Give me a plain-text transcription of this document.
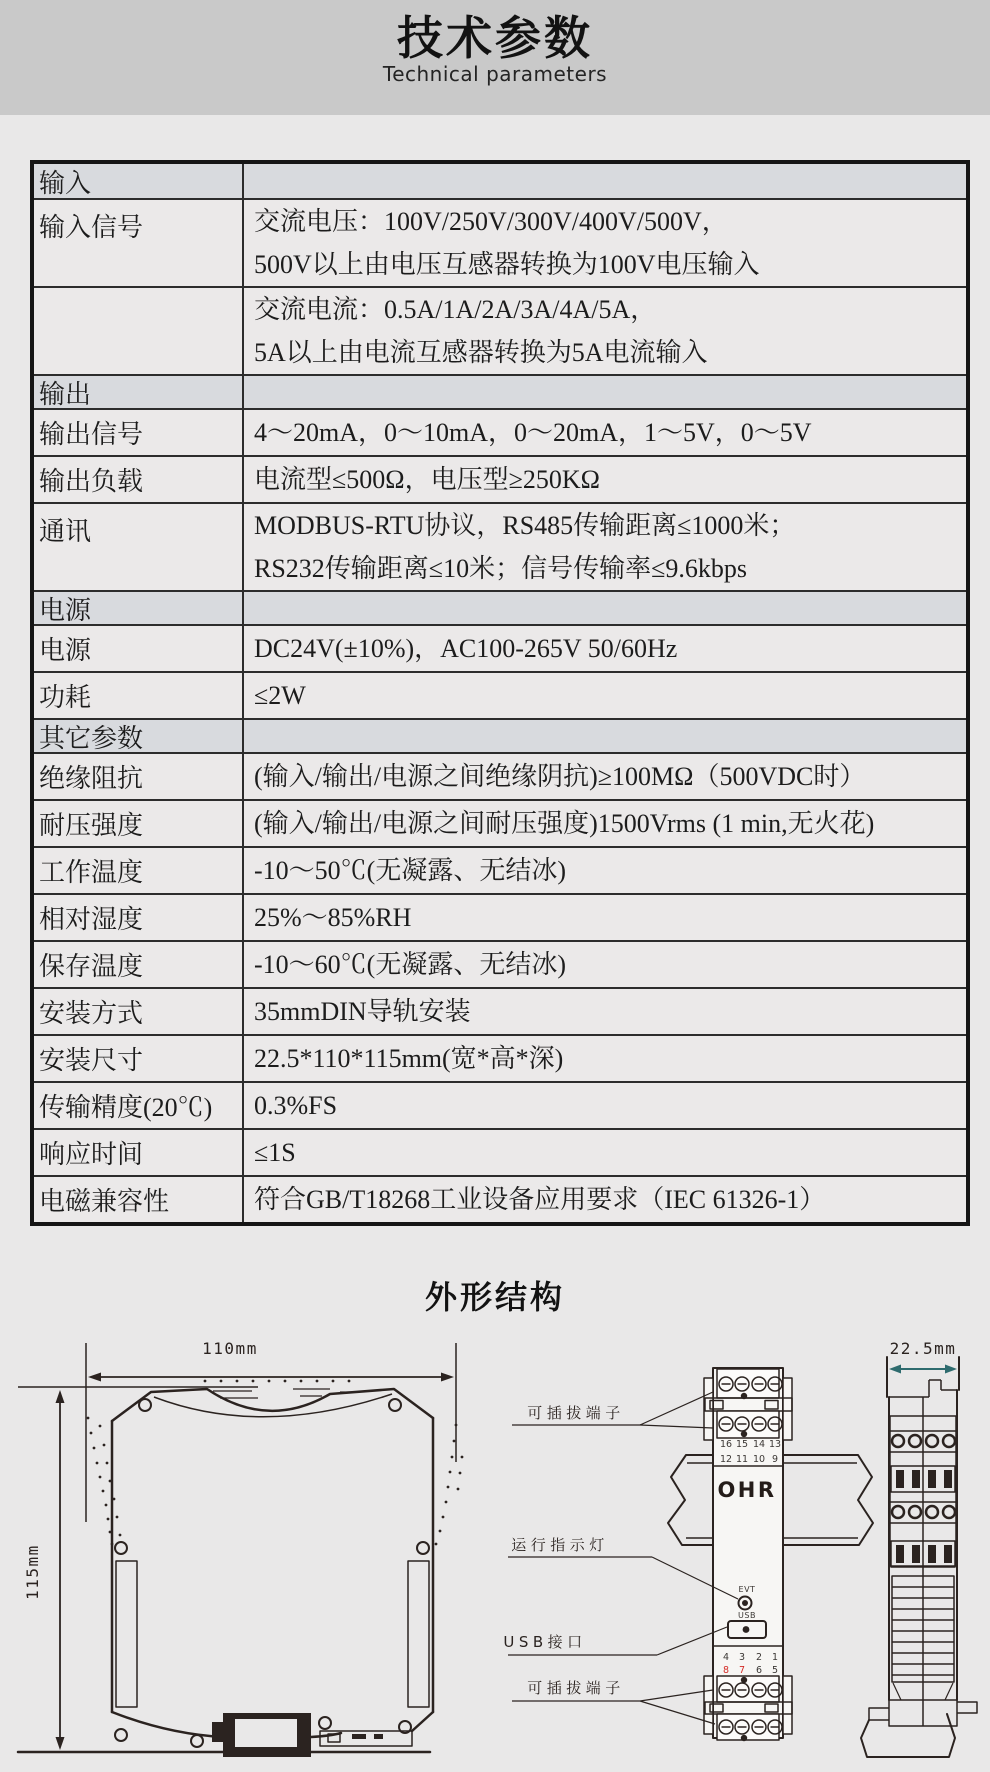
技术参数
Technical parameters
输入
输入信号	交流电压：100V/250V/300V/400V/500V，
500V以上由电压互感器转换为100V电压输入
交流电流：0.5A/1A/2A/3A/4A/5A，
5A以上由电流互感器转换为5A电流输入
输出
输出信号	4～20mA，0～10mA，0～20mA，1～5V，0～5V
输出负载	电流型≤500Ω，电压型≥250KΩ
通讯	MODBUS-RTU协议，RS485传输距离≤1000米；
RS232传输距离≤10米；信号传输率≤9.6kbps
电源
电源	DC24V(±10%)，AC100-265V 50/60Hz
功耗	≤2W
其它参数
绝缘阻抗	(输入/输出/电源之间绝缘阴抗)≥100MΩ（500VDC时）
耐压强度	(输入/输出/电源之间耐压强度)1500Vrms (1 min,无火花)
工作温度	-10～50℃(无凝露、无结冰)
相对湿度	25%～85%RH
保存温度	-10～60℃(无凝露、无结冰)
安装方式	35mmDIN导轨安装
安装尺寸	22.5*110*115mm(宽*高*深)
传输精度(20℃)	0.3%FS
响应时间	≤1S
电磁兼容性	符合GB/T18268工业设备应用要求（IEC 61326-1）
外形结构
110mm
115mm
16 15 14 13
12 11 10 9
OHR
EVT
USB
4 3 2 1
8 7 6 5
可插拔端子
运行指示灯
USB接口
可插拔端子
22.5mm
